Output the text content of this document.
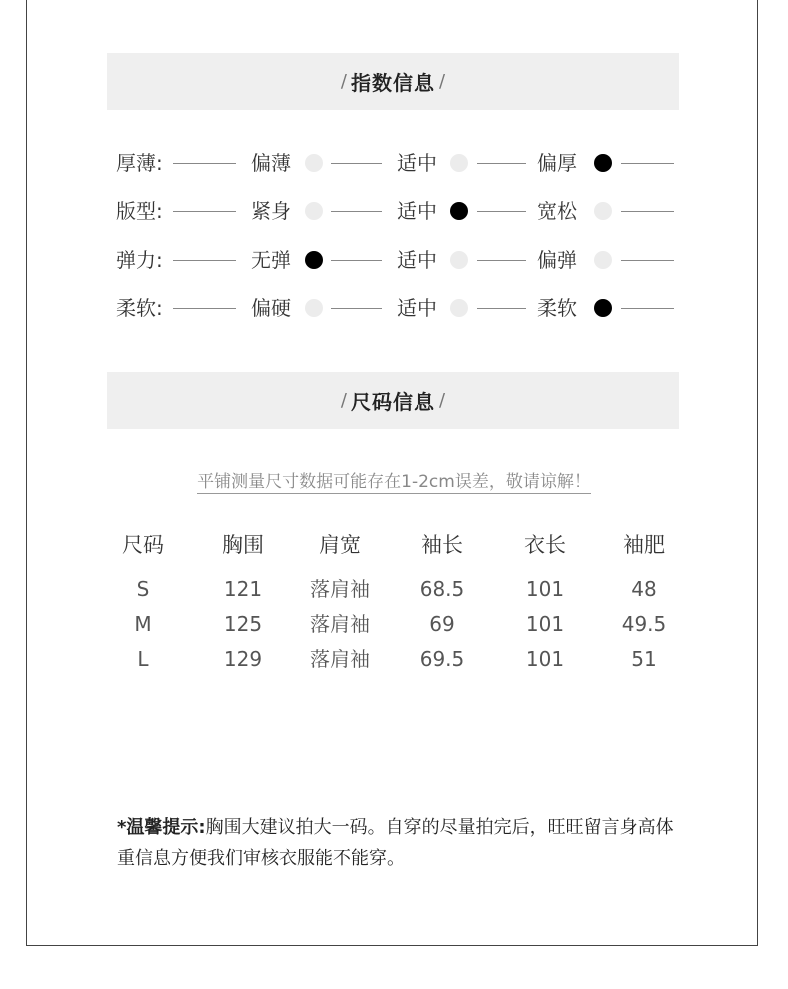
/ 指数信息 /
厚薄:	偏薄	适中	偏厚
版型:	紧身	适中	宽松
弹力:	无弹	适中	偏弹
柔软:	偏硬	适中	柔软
/ 尺码信息 /
平铺测量尺寸数据可能存在1-2cm误差，敬请谅解！
尺码	胸围	肩宽	袖长	衣长	袖肥
S	121	落肩袖	68.5	101	48
M	125	落肩袖	69	101	49.5
L	129	落肩袖	69.5	101	51
*温馨提示:胸围大建议拍大一码。自穿的尽量拍完后，旺旺留言身高体重信息方便我们审核衣服能不能穿。
